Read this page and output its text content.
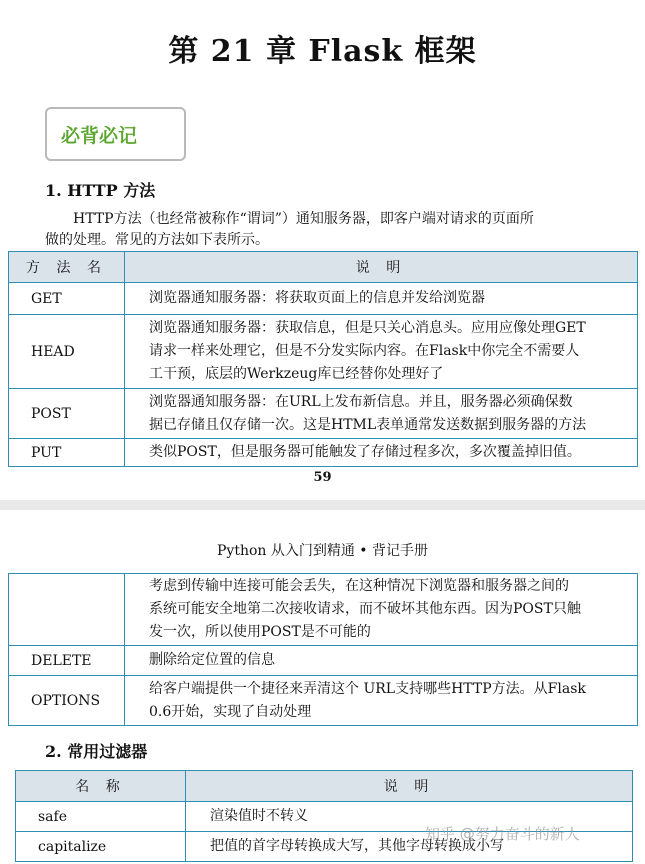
第 21 章 Flask 框架
必背必记
1. HTTP 方法
HTTP方法（也经常被称作“谓词”）通知服务器，即客户端对请求的页面所
做的处理。常见的方法如下表所示。
方 法 名	说 明
GET	浏览器通知服务器：将获取页面上的信息并发给浏览器

HEAD	浏览器通知服务器：获取信息，但是只关心消息头。应用应像处理GET
请求一样来处理它，但是不分发实际内容。在Flask中你完全不需要人
工干预，底层的Werkzeug库已经替你处理好了

POST	浏览器通知服务器：在URL上发布新信息。并且，服务器必须确保数
据已存储且仅存储一次。这是HTML表单通常发送数据到服务器的方法

PUT	类似POST，但是服务器可能触发了存储过程多次，多次覆盖掉旧值。
59
Python 从入门到精通 • 背记手册

	考虑到传输中连接可能会丢失，在这种情况下浏览器和服务器之间的
系统可能安全地第二次接收请求，而不破坏其他东西。因为POST只触
发一次，所以使用POST是不可能的

DELETE	删除给定位置的信息

OPTIONS	给客户端提供一个捷径来弄清这个 URL支持哪些HTTP方法。从Flask
0.6开始，实现了自动处理
2. 常用过滤器
名 称	说 明
safe	渲染值时不转义
capitalize	把值的首字母转换成大写，其他字母转换成小写
知乎 @努力奋斗的新人
